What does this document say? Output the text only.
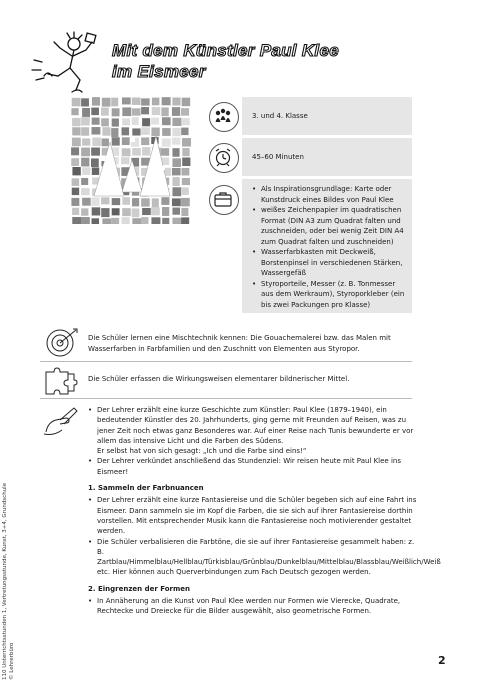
Mit dem Künstler Paul Klee
im Eismeer
3. und 4. Klasse
45–60 Minuten
• Als Inspirationsgrundlage: Karte oder Kunstdruck eines Bildes von Paul Klee
• weißes Zeichenpapier im quadratischen Format (DIN A3 zum Quadrat falten und zuschneiden, oder bei wenig Zeit DIN A4 zum Quadrat falten und zuschneiden)
• Wasserfarbkasten mit Deckweiß, Borstenpinsel in verschiedenen Stärken, Wassergefäß
• Styroporteile, Messer (z. B. Tonmesser aus dem Werkraum), Styroporkleber (ein bis zwei Packungen pro Klasse)
Die Schüler lernen eine Mischtechnik kennen: Die Gouachemalerei bzw. das Malen mit Wasserfarben in Farbfamilien und den Zuschnitt von Elementen aus Styropor.
Die Schüler erfassen die Wirkungsweisen elementarer bildnerischer Mittel.
• Der Lehrer erzählt eine kurze Geschichte zum Künstler: Paul Klee (1879–1940), ein bedeutender Künstler des 20. Jahrhunderts, ging gerne mit Freunden auf Reisen, was zu jener Zeit noch etwas ganz Besonderes war. Auf einer Reise nach Tunis bewunderte er vor allem das intensive Licht und die Farben des Südens.
Er selbst hat von sich gesagt: „Ich und die Farbe sind eins!“
• Der Lehrer verkündet anschließend das Stundenziel: Wir reisen heute mit Paul Klee ins Eismeer!
1. Sammeln der Farbnuancen
• Der Lehrer erzählt eine kurze Fantasiereise und die Schüler begeben sich auf eine Fahrt ins Eismeer. Dann sammeln sie im Kopf die Farben, die sie sich auf ihrer Fantasiereise dorthin vorstellen. Mit entsprechender Musik kann die Fantasiereise noch motivierender gestaltet werden.
• Die Schüler verbalisieren die Farbtöne, die sie auf ihrer Fantasiereise gesammelt haben: z. B. Zartblau/Himmelblau/Hellblau/Türkisblau/Grünblau/Dunkelblau/Mittelblau/Blassblau/Weißlich/Weiß etc. Hier können auch Querverbindungen zum Fach Deutsch gezogen werden.
2. Eingrenzen der Formen
• In Annäherung an die Kunst von Paul Klee werden nur Formen wie Vierecke, Quadrate, Rechtecke und Dreiecke für die Bilder ausgewählt, also geometrische Formen.
110 Unterrichtsstunden 1, Vertretungsstunde, Kunst, 3+4, Grundschule
© Lehrerbüro	2
